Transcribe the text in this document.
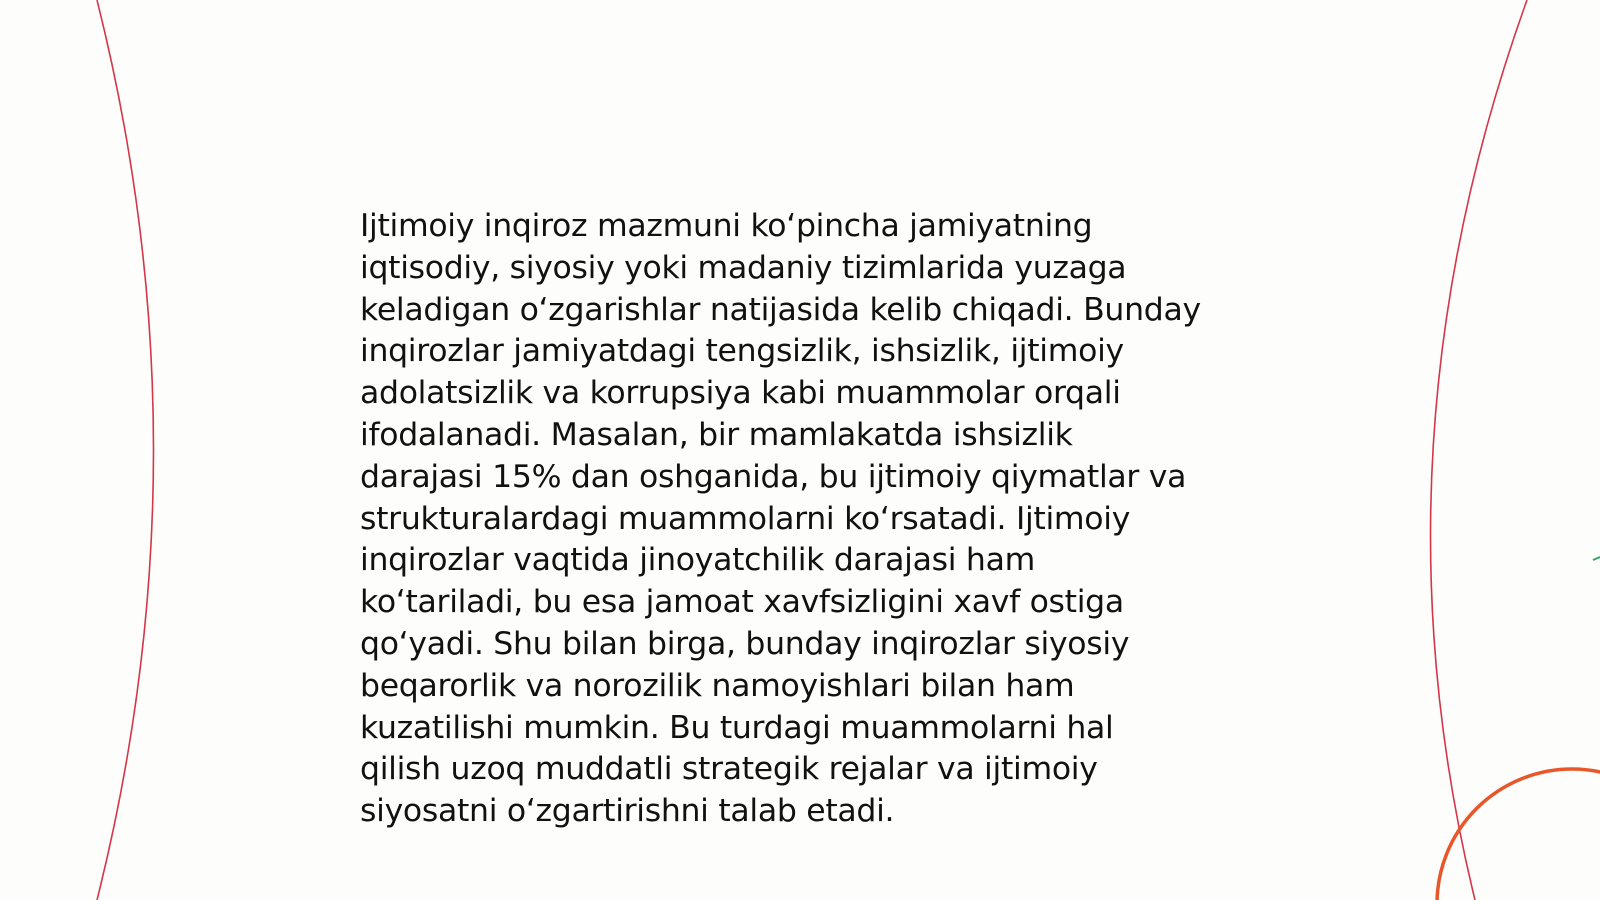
Ijtimoiy inqiroz mazmuni ko‘pincha jamiyatning
iqtisodiy, siyosiy yoki madaniy tizimlarida yuzaga
keladigan o‘zgarishlar natijasida kelib chiqadi. Bunday
inqirozlar jamiyatdagi tengsizlik, ishsizlik, ijtimoiy
adolatsizlik va korrupsiya kabi muammolar orqali
ifodalanadi. Masalan, bir mamlakatda ishsizlik
darajasi 15% dan oshganida, bu ijtimoiy qiymatlar va
strukturalardagi muammolarni ko‘rsatadi. Ijtimoiy
inqirozlar vaqtida jinoyatchilik darajasi ham
ko‘tariladi, bu esa jamoat xavfsizligini xavf ostiga
qo‘yadi. Shu bilan birga, bunday inqirozlar siyosiy
beqarorlik va norozilik namoyishlari bilan ham
kuzatilishi mumkin. Bu turdagi muammolarni hal
qilish uzoq muddatli strategik rejalar va ijtimoiy
siyosatni o‘zgartirishni talab etadi.
